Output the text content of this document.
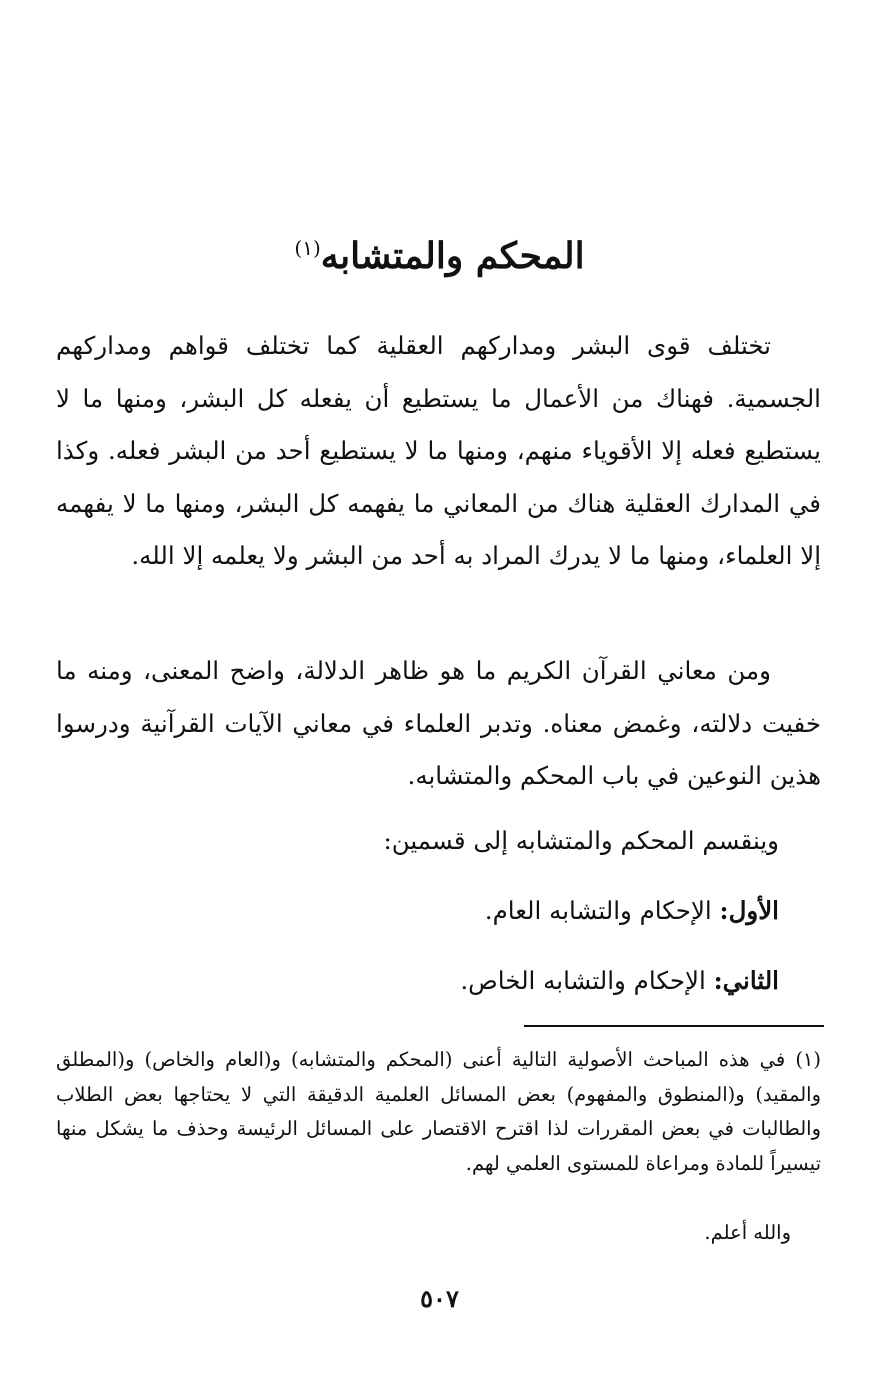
المحكم والمتشابه$^{(١)}$
تختلف قوى البشر ومداركهم العقلية كما تختلف قواهم ومداركهم الجسمية. فهناك من الأعمال ما يستطيع أن يفعله كل البشر، ومنها ما لا يستطيع فعله إلا الأقوياء منهم، ومنها ما لا يستطيع أحد من البشر فعله. وكذا في المدارك العقلية هناك من المعاني ما يفهمه كل البشر، ومنها ما لا يفهمه إلا العلماء، ومنها ما لا يدرك المراد به أحد من البشر ولا يعلمه إلا الله.
ومن معاني القرآن الكريم ما هو ظاهر الدلالة، واضح المعنى، ومنه ما خفيت دلالته، وغمض معناه. وتدبر العلماء في معاني الآيات القرآنية ودرسوا هذين النوعين في باب المحكم والمتشابه.
وينقسم المحكم والمتشابه إلى قسمين:
الأول: الإحكام والتشابه العام.
الثاني: الإحكام والتشابه الخاص.
(١) في هذه المباحث الأصولية التالية أعنى (المحكم والمتشابه) و(العام والخاص) و(المطلق والمقيد) و(المنطوق والمفهوم) بعض المسائل العلمية الدقيقة التي لا يحتاجها بعض الطلاب والطالبات في بعض المقررات لذا اقترح الاقتصار على المسائل الرئيسة وحذف ما يشكل منها تيسيراً للمادة ومراعاة للمستوى العلمي لهم.
والله أعلم.
٥٠٧
